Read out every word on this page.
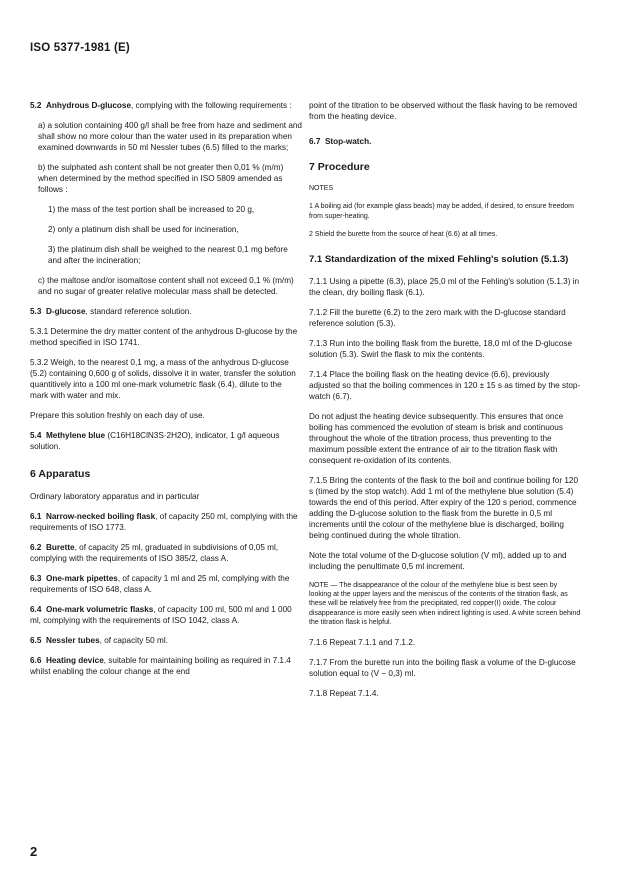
ISO 5377-1981 (E)

5.2 Anhydrous D-glucose, complying with the following requirements :

a) a solution containing 400 g/l shall be free from haze and sediment and shall show no more colour than the water used in its preparation when examined downwards in 50 ml Nessler tubes (6.5) filled to the marks;

b) the sulphated ash content shall be not greater then 0,01 % (m/m) when determined by the method specified in ISO 5809 amended as follows :

1) the mass of the test portion shall be increased to 20 g,

2) only a platinum dish shall be used for incineration,

3) the platinum dish shall be weighed to the nearest 0,1 mg before and after the incineration;

c) the maltose and/or isomaltose content shall not exceed 0,1 % (m/m) and no sugar of greater relative molecular mass shall be detected.

5.3 D-glucose, standard reference solution.

5.3.1 Determine the dry matter content of the anhydrous D-glucose by the method specified in ISO 1741.

5.3.2 Weigh, to the nearest 0,1 mg, a mass of the anhydrous D-glucose (5.2) containing 0,600 g of solids, dissolve it in water, transfer the solution quantitively into a 100 ml one-mark volumetric flask (6.4), dilute to the mark with water and mix.

Prepare this solution freshly on each day of use.

5.4 Methylene blue (C16H18ClN3S·2H2O), indicator, 1 g/l aqueous solution.

6 Apparatus

Ordinary laboratory apparatus and in particular

6.1 Narrow-necked boiling flask, of capacity 250 ml, complying with the requirements of ISO 1773.

6.2 Burette, of capacity 25 ml, graduated in subdivisions of 0,05 ml, complying with the requirements of ISO 385/2, class A.

6.3 One-mark pipettes, of capacity 1 ml and 25 ml, complying with the requirements of ISO 648, class A.

6.4 One-mark volumetric flasks, of capacity 100 ml, 500 ml and 1 000 ml, complying with the requirements of ISO 1042, class A.

6.5 Nessler tubes, of capacity 50 ml.

6.6 Heating device, suitable for maintaining boiling as required in 7.1.4 whilst enabling the colour change at the end

point of the titration to be observed without the flask having to be removed from the heating device.

6.7 Stop-watch.

7 Procedure

NOTES

1 A boiling aid (for example glass beads) may be added, if desired, to ensure freedom from super-heating.

2 Shield the burette from the source of heat (6.6) at all times.

7.1 Standardization of the mixed Fehling's solution (5.1.3)

7.1.1 Using a pipette (6.3), place 25,0 ml of the Fehling's solution (5.1.3) in the clean, dry boiling flask (6.1).

7.1.2 Fill the burette (6.2) to the zero mark with the D-glucose standard reference solution (5.3).

7.1.3 Run into the boiling flask from the burette, 18,0 ml of the D-glucose solution (5.3). Swirl the flask to mix the contents.

7.1.4 Place the boiling flask on the heating device (6.6), previously adjusted so that the boiling commences in 120 ± 15 s as timed by the stop-watch (6.7).

Do not adjust the heating device subsequently. This ensures that once boiling has commenced the evolution of steam is brisk and continuous throughout the whole of the titration process, thus preventing to the maximum possible extent the entrance of air to the titration flask with consequent re-oxidation of its contents.

7.1.5 Bring the contents of the flask to the boil and continue boiling for 120 s (timed by the stop watch). Add 1 ml of the methylene blue solution (5.4) towards the end of this period. After expiry of the 120 s period, commence adding the D-glucose solution to the flask from the burette in 0,5 ml increments until the colour of the methylene blue is discharged, boiling being continued during the whole titration.

Note the total volume of the D-glucose solution (V ml), added up to and including the penultimate 0,5 ml increment.

NOTE — The disappearance of the colour of the methylene blue is best seen by looking at the upper layers and the meniscus of the contents of the titration flask, as these will be relatively free from the precipitated, red copper(I) oxide. The colour disappearance is more easily seen when indirect lighting is used. A white screen behind the titration flask is helpful.

7.1.6 Repeat 7.1.1 and 7.1.2.

7.1.7 From the burette run into the boiling flask a volume of the D-glucose solution equal to (V − 0,3) ml.

7.1.8 Repeat 7.1.4.

2
